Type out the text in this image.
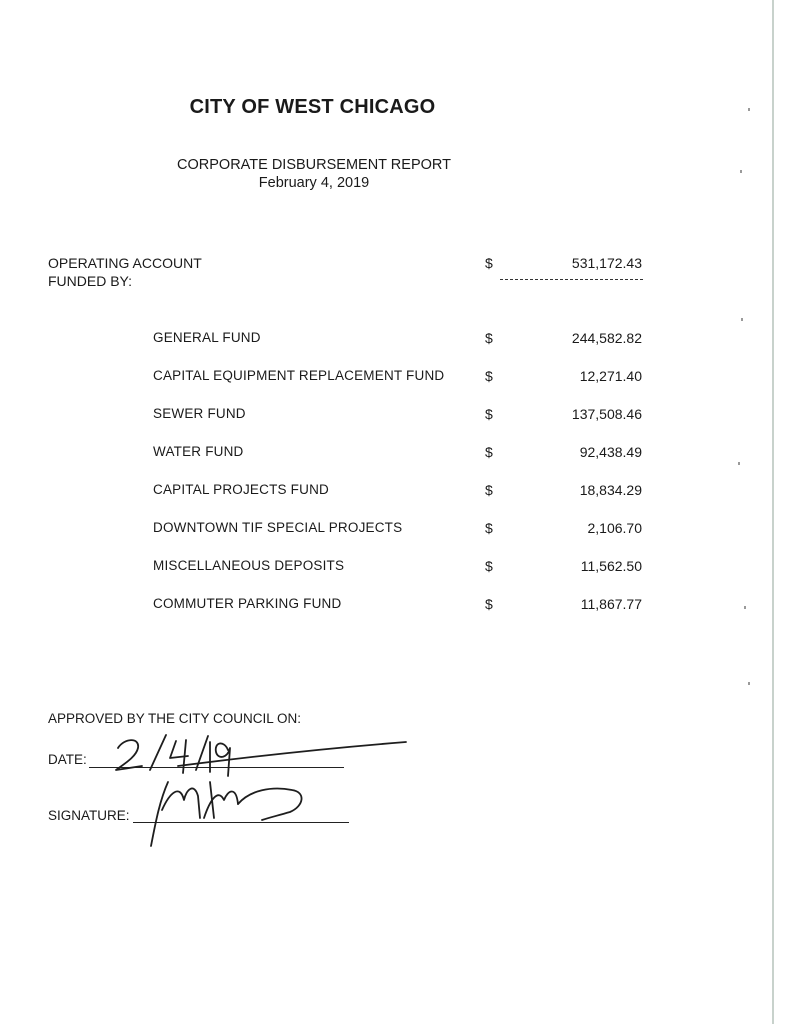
CITY OF WEST CHICAGO
CORPORATE DISBURSEMENT REPORT
February 4, 2019
OPERATING ACCOUNT
FUNDED BY:
$	531,172.43
GENERAL FUND	$	244,582.82
CAPITAL EQUIPMENT REPLACEMENT FUND	$	12,271.40
SEWER FUND	$	137,508.46
WATER FUND	$	92,438.49
CAPITAL PROJECTS FUND	$	18,834.29
DOWNTOWN TIF SPECIAL PROJECTS	$	2,106.70
MISCELLANEOUS DEPOSITS	$	11,562.50
COMMUTER PARKING FUND	$	11,867.77
APPROVED BY THE CITY COUNCIL ON:
DATE:
SIGNATURE:
